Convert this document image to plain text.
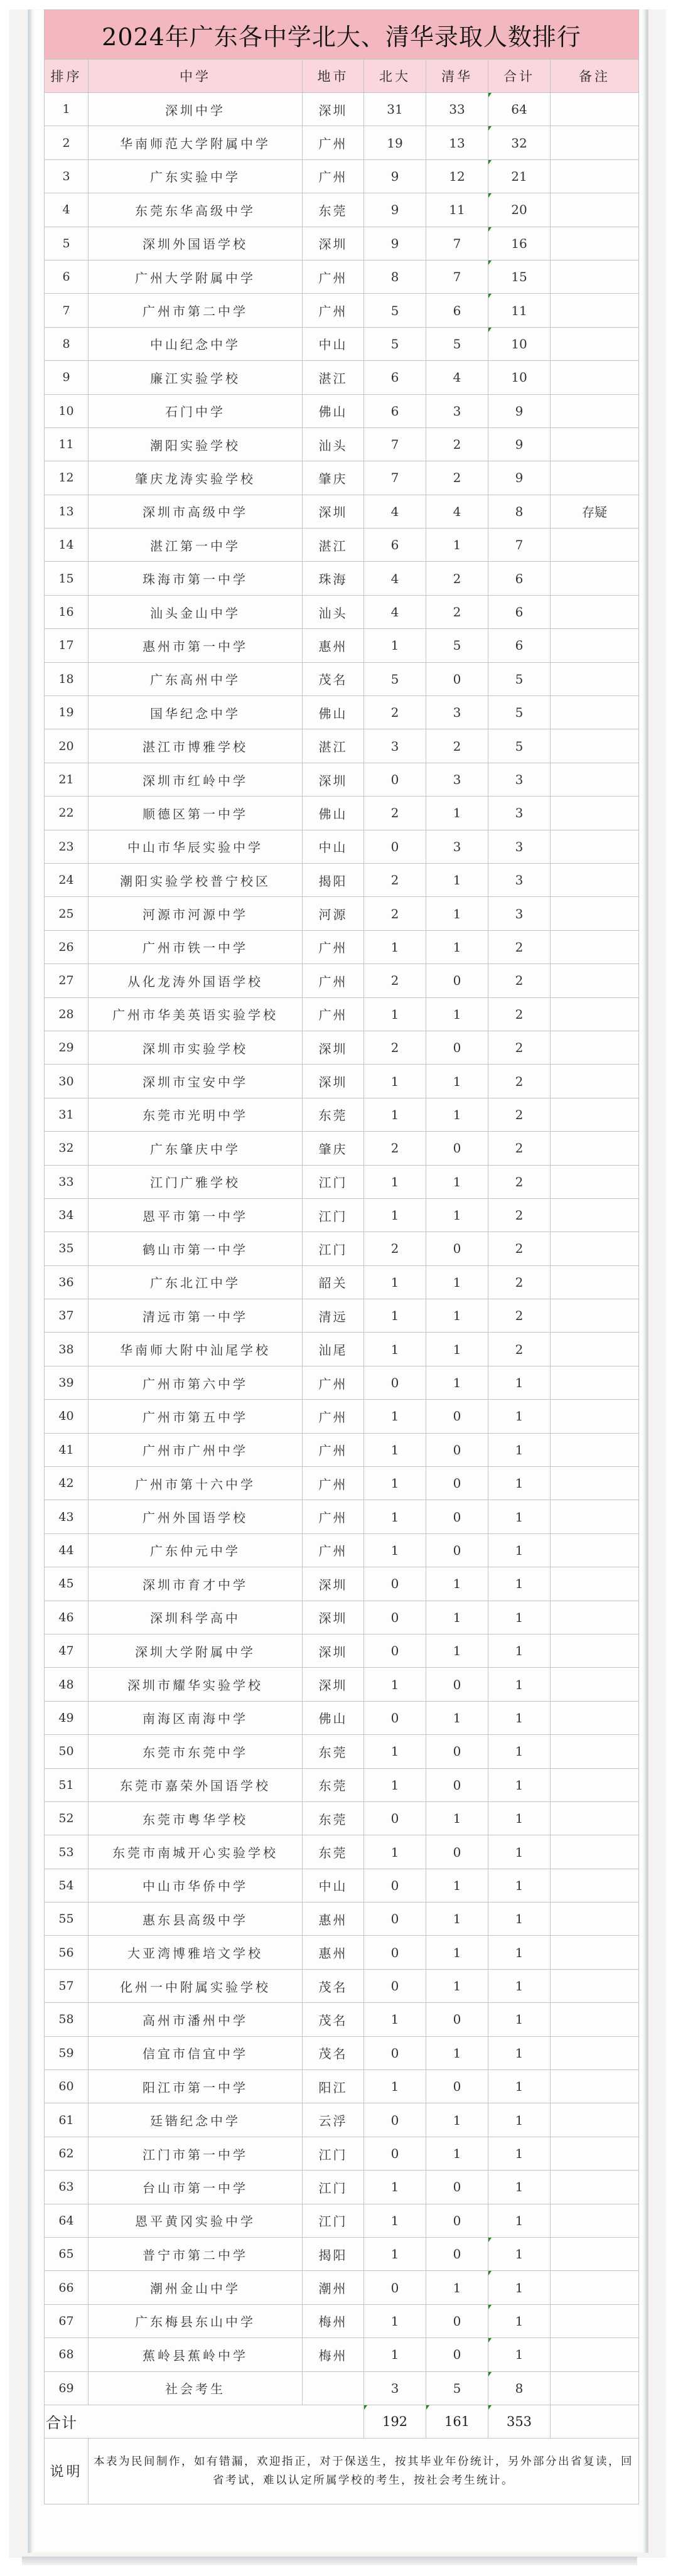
2024年广东各中学北大、清华录取人数排行						
排序	中学	地市	北大	清华	合计	备注
1	深圳中学	深圳	31	33	64	
2	华南师范大学附属中学	广州	19	13	32	
3	广东实验中学	广州	9	12	21	
4	东莞东华高级中学	东莞	9	11	20	
5	深圳外国语学校	深圳	9	7	16	
6	广州大学附属中学	广州	8	7	15	
7	广州市第二中学	广州	5	6	11	
8	中山纪念中学	中山	5	5	10	
9	廉江实验学校	湛江	6	4	10	
10	石门中学	佛山	6	3	9	
11	潮阳实验学校	汕头	7	2	9	
12	肇庆龙涛实验学校	肇庆	7	2	9	
13	深圳市高级中学	深圳	4	4	8	存疑
14	湛江第一中学	湛江	6	1	7	
15	珠海市第一中学	珠海	4	2	6	
16	汕头金山中学	汕头	4	2	6	
17	惠州市第一中学	惠州	1	5	6	
18	广东高州中学	茂名	5	0	5	
19	国华纪念中学	佛山	2	3	5	
20	湛江市博雅学校	湛江	3	2	5	
21	深圳市红岭中学	深圳	0	3	3	
22	顺德区第一中学	佛山	2	1	3	
23	中山市华辰实验中学	中山	0	3	3	
24	潮阳实验学校普宁校区	揭阳	2	1	3	
25	河源市河源中学	河源	2	1	3	
26	广州市铁一中学	广州	1	1	2	
27	从化龙涛外国语学校	广州	2	0	2	
28	广州市华美英语实验学校	广州	1	1	2	
29	深圳市实验学校	深圳	2	0	2	
30	深圳市宝安中学	深圳	1	1	2	
31	东莞市光明中学	东莞	1	1	2	
32	广东肇庆中学	肇庆	2	0	2	
33	江门广雅学校	江门	1	1	2	
34	恩平市第一中学	江门	1	1	2	
35	鹤山市第一中学	江门	2	0	2	
36	广东北江中学	韶关	1	1	2	
37	清远市第一中学	清远	1	1	2	
38	华南师大附中汕尾学校	汕尾	1	1	2	
39	广州市第六中学	广州	0	1	1	
40	广州市第五中学	广州	1	0	1	
41	广州市广州中学	广州	1	0	1	
42	广州市第十六中学	广州	1	0	1	
43	广州外国语学校	广州	1	0	1	
44	广东仲元中学	广州	1	0	1	
45	深圳市育才中学	深圳	0	1	1	
46	深圳科学高中	深圳	0	1	1	
47	深圳大学附属中学	深圳	0	1	1	
48	深圳市耀华实验学校	深圳	1	0	1	
49	南海区南海中学	佛山	0	1	1	
50	东莞市东莞中学	东莞	1	0	1	
51	东莞市嘉荣外国语学校	东莞	1	0	1	
52	东莞市粤华学校	东莞	0	1	1	
53	东莞市南城开心实验学校	东莞	1	0	1	
54	中山市华侨中学	中山	0	1	1	
55	惠东县高级中学	惠州	0	1	1	
56	大亚湾博雅培文学校	惠州	0	1	1	
57	化州一中附属实验学校	茂名	0	1	1	
58	高州市潘州中学	茂名	1	0	1	
59	信宜市信宜中学	茂名	0	1	1	
60	阳江市第一中学	阳江	1	0	1	
61	廷锴纪念中学	云浮	0	1	1	
62	江门市第一中学	江门	0	1	1	
63	台山市第一中学	江门	1	0	1	
64	恩平黄冈实验中学	江门	1	0	1	
65	普宁市第二中学	揭阳	1	0	1	
66	潮州金山中学	潮州	0	1	1	
67	广东梅县东山中学	梅州	1	0	1	
68	蕉岭县蕉岭中学	梅州	1	0	1	
69	社会考生		3	5	8	
合计			192	161	353	
说明	本表为民间制作，如有错漏，欢迎指正，对于保送生，按其毕业年份统计，另外部分出省复读，回省考试，难以认定所属学校的考生，按社会考生统计。					
